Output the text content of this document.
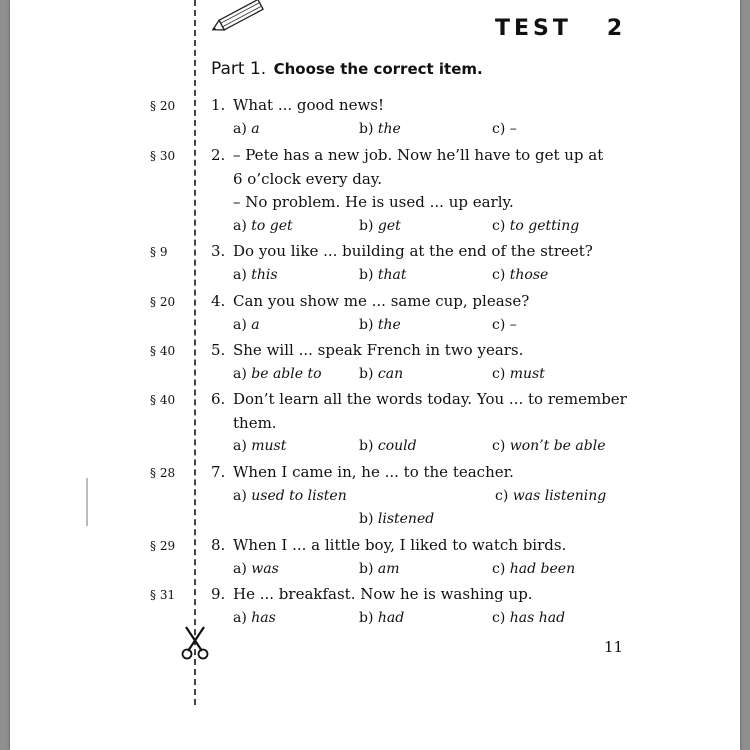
TEST 2
Part 1. Choose the correct item.
§ 20 1. What ... good news!
a) a	b) the	c) –
§ 30 2. – Pete has a new job. Now he’ll have to get up at
6 o’clock every day.
– No problem. He is used ... up early.
a) to get	b) get	c) to getting
§ 9	3. Do you like ... building at the end of the street?
a) this	b) that	c) those
§ 20 4. Can you show me ... same cup, please?
a) a	b) the	c) –
§ 40 5. She will ... speak French in two years.
a) be able to	b) can	c) must
§ 40 6. Don’t learn all the words today. You ... to remember
them.
a) must	b) could	c) won’t be able
§ 28 7. When I came in, he ... to the teacher.
a) used to listen
b) listened
c) was listening
§ 29 8. When I ... a little boy, I liked to watch birds.
a) was	b) am	c) had been
§ 31 9. He ... breakfast. Now he is washing up.
a) has	b) had	c) has had
11
